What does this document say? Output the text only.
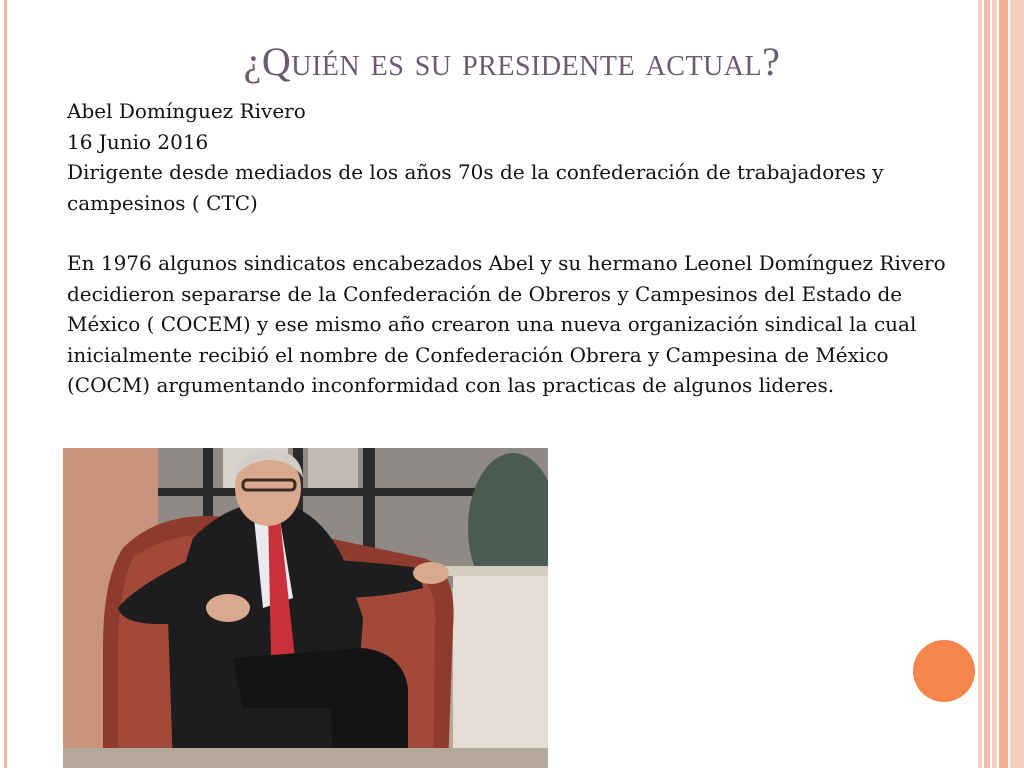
¿Quién es su presidente actual?

Abel Domínguez Rivero

16 Junio 2016

Dirigente desde mediados de los años 70s de la confederación de trabajadores y campesinos ( CTC)

En 1976 algunos sindicatos encabezados Abel y su hermano Leonel Domínguez Rivero decidieron separarse de la Confederación de Obreros y Campesinos del Estado de México ( COCEM) y ese mismo año crearon una nueva organización sindical la cual inicialmente recibió el nombre de Confederación Obrera y Campesina de México (COCM) argumentando inconformidad con las practicas de algunos lideres.
